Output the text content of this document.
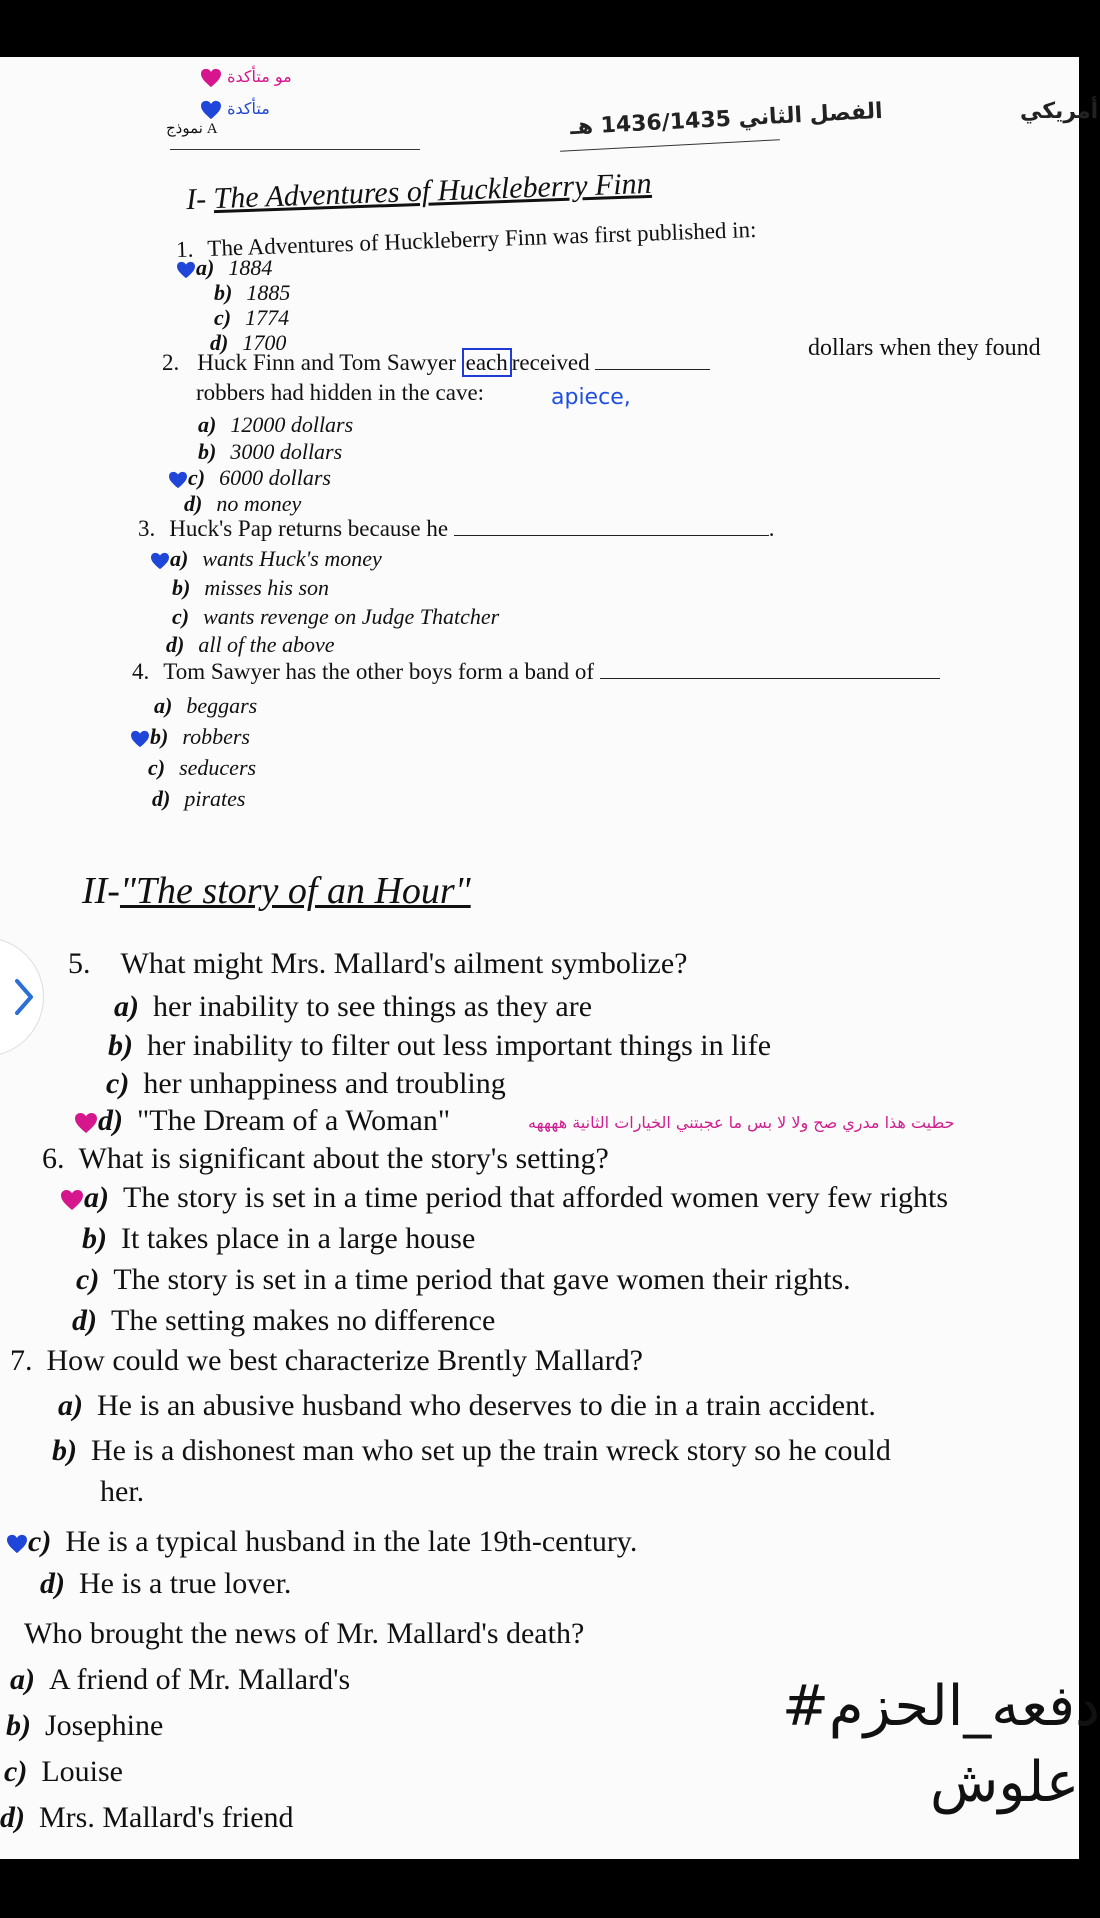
أمريكي
الفصل الثاني 1436/1435 هـ
نموذج A
مو متأكدة
متأكدة
I- The Adventures of Huckleberry Finn
1. The Adventures of Huckleberry Finn was first published in:
a) 1884
b) 1885
c) 1774
d) 1700
2. Huck Finn and Tom Sawyer each received
dollars when they found
robbers had hidden in the cave:	apiece,
a) 12000 dollars
b) 3000 dollars
c) 6000 dollars
d) no money
3. Huck's Pap returns because he	.
a) wants Huck's money
b) misses his son
c) wants revenge on Judge Thatcher
d) all of the above
4. Tom Sawyer has the other boys form a band of
a) beggars
b) robbers
c) seducers
d) pirates
II-"The story of an Hour"
5. What might Mrs. Mallard's ailment symbolize?
a) her inability to see things as they are
b) her inability to filter out less important things in life
c) her unhappiness and troubling
d) "The Dream of a Woman"	حطيت هذا مدري صح ولا لا بس ما عجبتني الخيارات الثانية ههههه
6. What is significant about the story's setting?
a) The story is set in a time period that afforded women very few rights
b) It takes place in a large house
c) The story is set in a time period that gave women their rights.
d) The setting makes no difference
7. How could we best characterize Brently Mallard?
a) He is an abusive husband who deserves to die in a train accident.
b) He is a dishonest man who set up the train wreck story so he could
her.
c) He is a typical husband in the late 19th-century.
d) He is a true lover.
Who brought the news of Mr. Mallard's death?
a) A friend of Mr. Mallard's
b) Josephine
c) Louise
d) Mrs. Mallard's friend
#دفعه_الحزم
علوش
